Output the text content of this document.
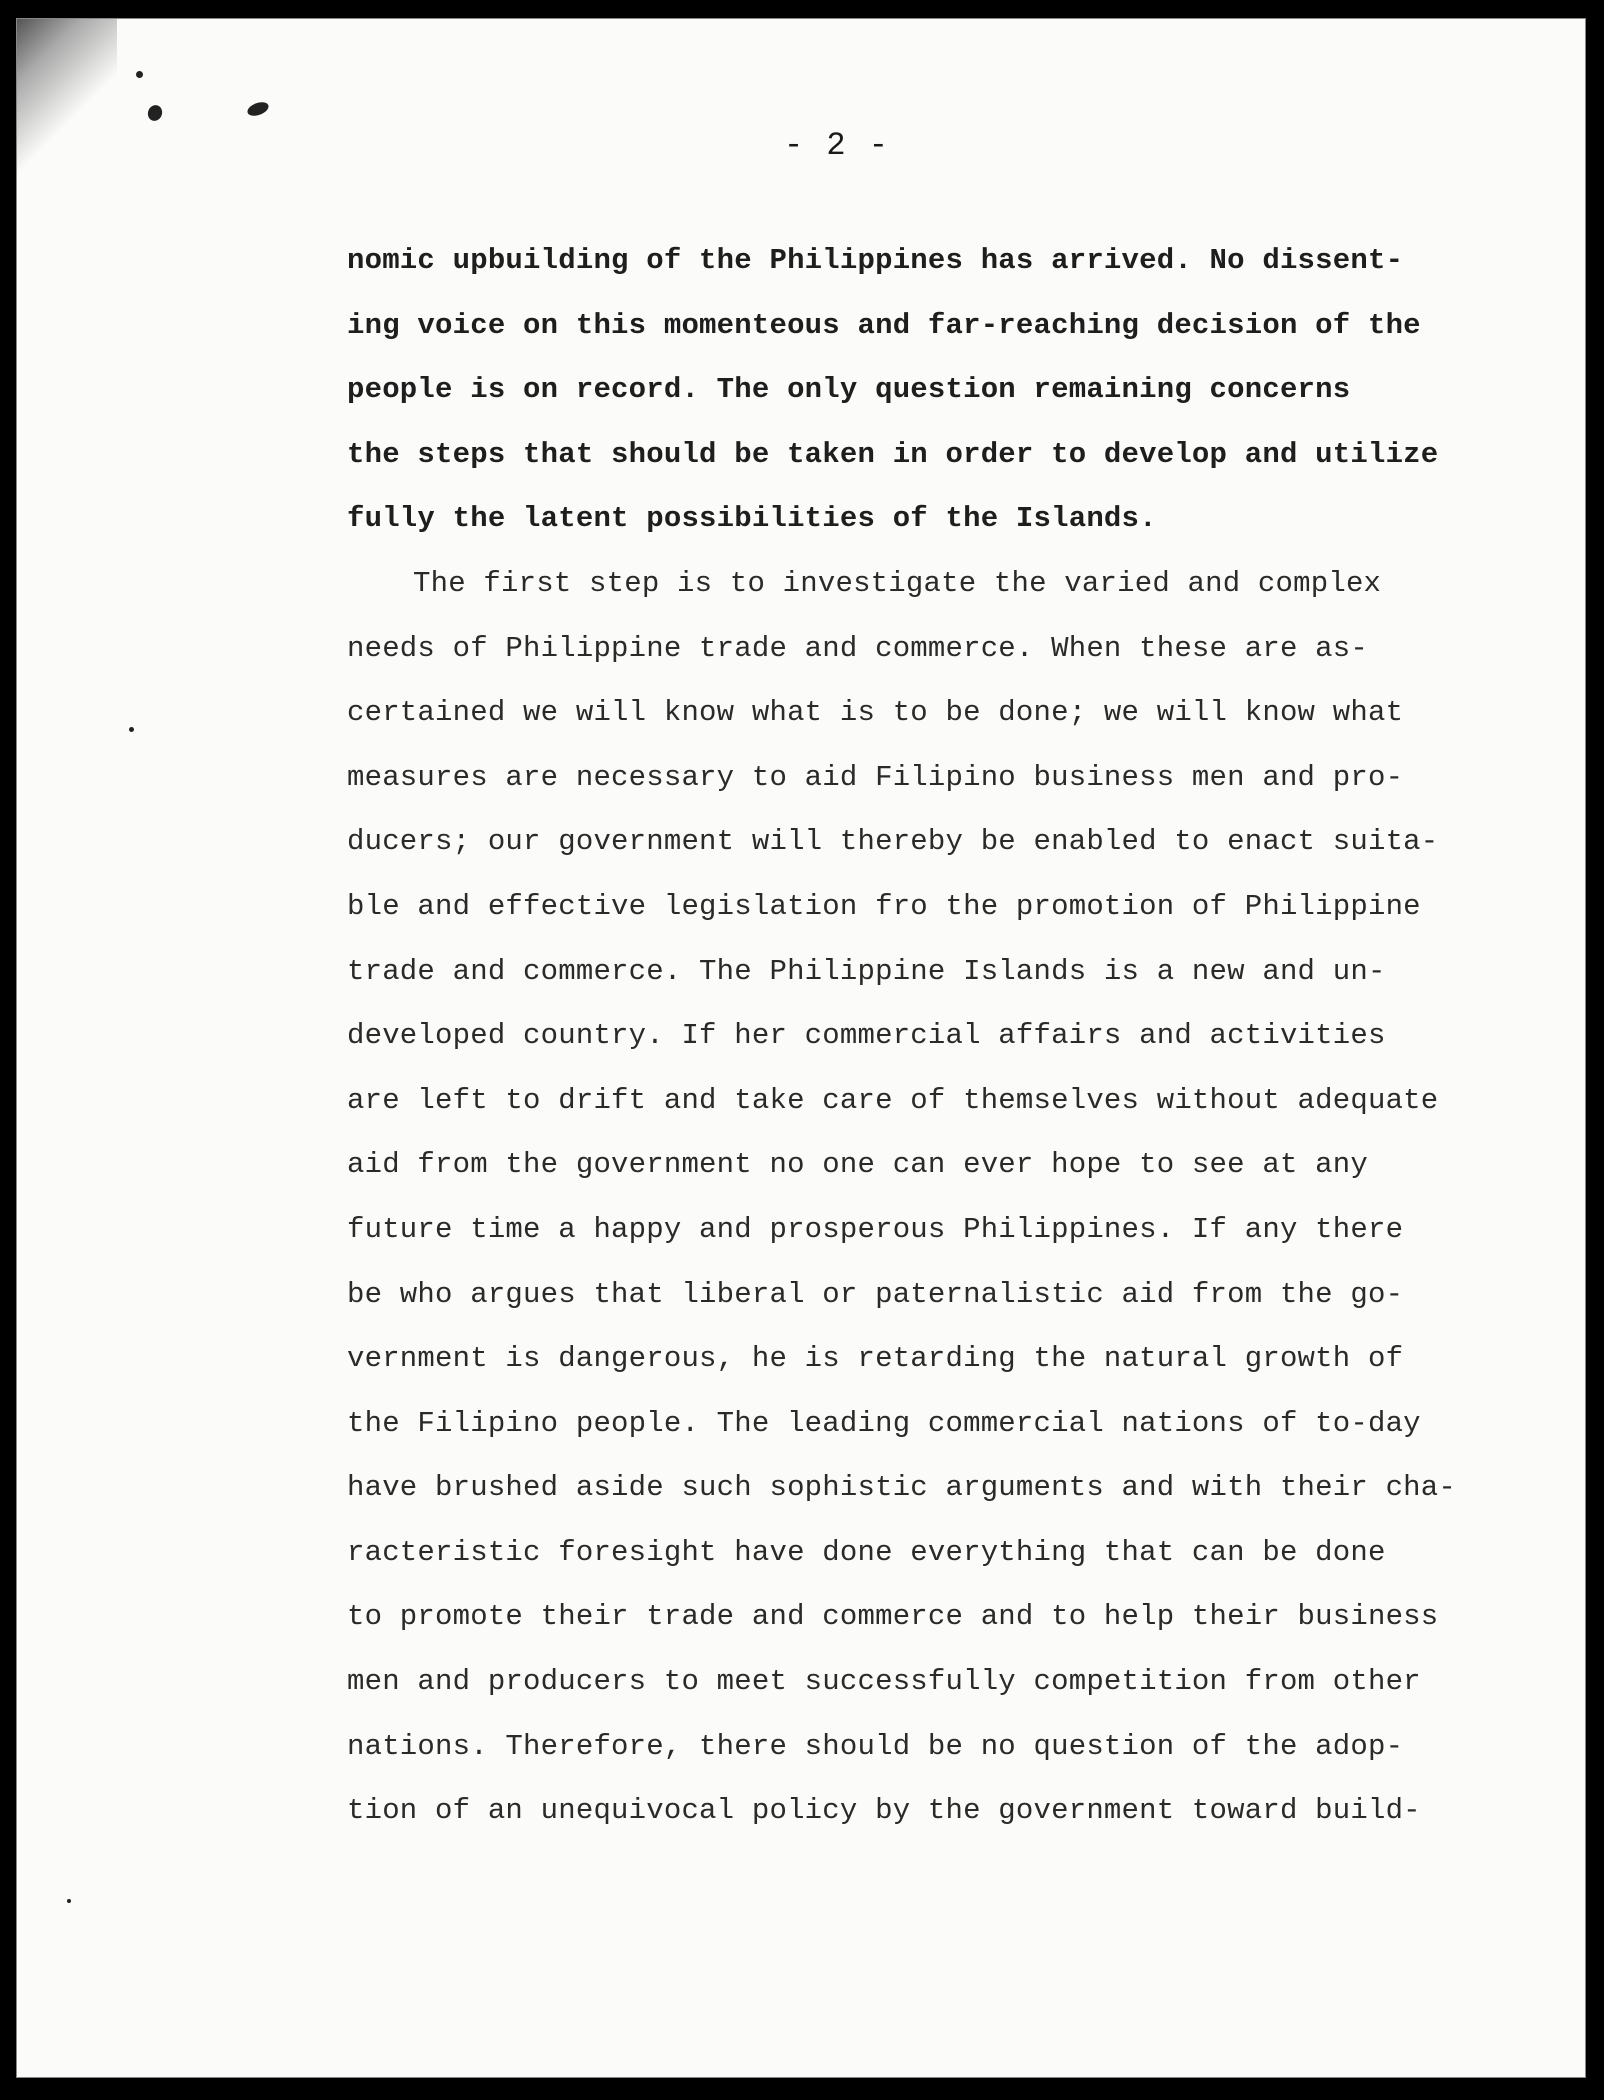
- 2 -
nomic upbuilding of the Philippines has arrived. No dissent-
ing voice on this momenteous and far-reaching decision of the
people is on record. The only question remaining concerns
the steps that should be taken in order to develop and utilize
fully the latent possibilities of the Islands.
The first step is to investigate the varied and complex
needs of Philippine trade and commerce. When these are as-
certained we will know what is to be done; we will know what
measures are necessary to aid Filipino business men and pro-
ducers; our government will thereby be enabled to enact suita-
ble and effective legislation fro the promotion of Philippine
trade and commerce. The Philippine Islands is a new and un-
developed country. If her commercial affairs and activities
are left to drift and take care of themselves without adequate
aid from the government no one can ever hope to see at any
future time a happy and prosperous Philippines. If any there
be who argues that liberal or paternalistic aid from the go-
vernment is dangerous, he is retarding the natural growth of
the Filipino people. The leading commercial nations of to-day
have brushed aside such sophistic arguments and with their cha-
racteristic foresight have done everything that can be done
to promote their trade and commerce and to help their business
men and producers to meet successfully competition from other
nations. Therefore, there should be no question of the adop-
tion of an unequivocal policy by the government toward build-
